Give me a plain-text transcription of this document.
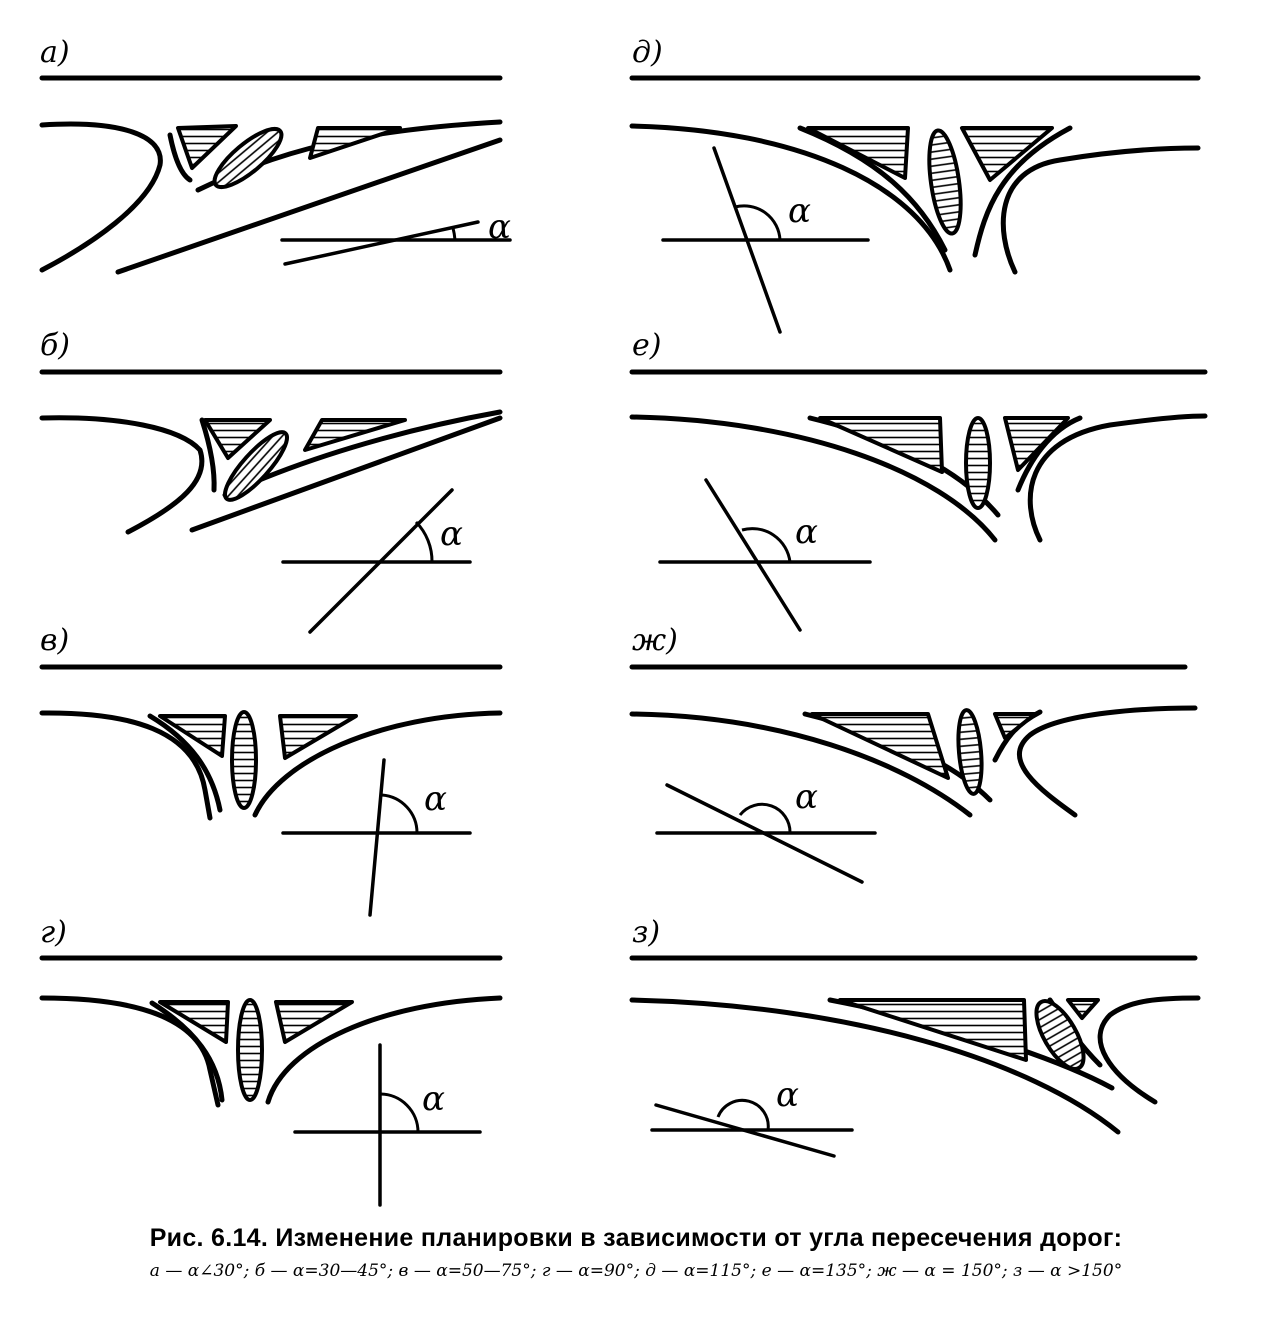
а)
α
б)
α
в)
α
г)
α
д)
α
е)
α
ж)
α
з)
α
Рис. 6.14. Изменение планировки в зависимости от угла пересечения дорог:
а — α∠30°; б — α=30—45°; в — α=50—75°; г — α=90°; д — α=115°; е — α=135°; ж — α = 150°; з — α >150°
